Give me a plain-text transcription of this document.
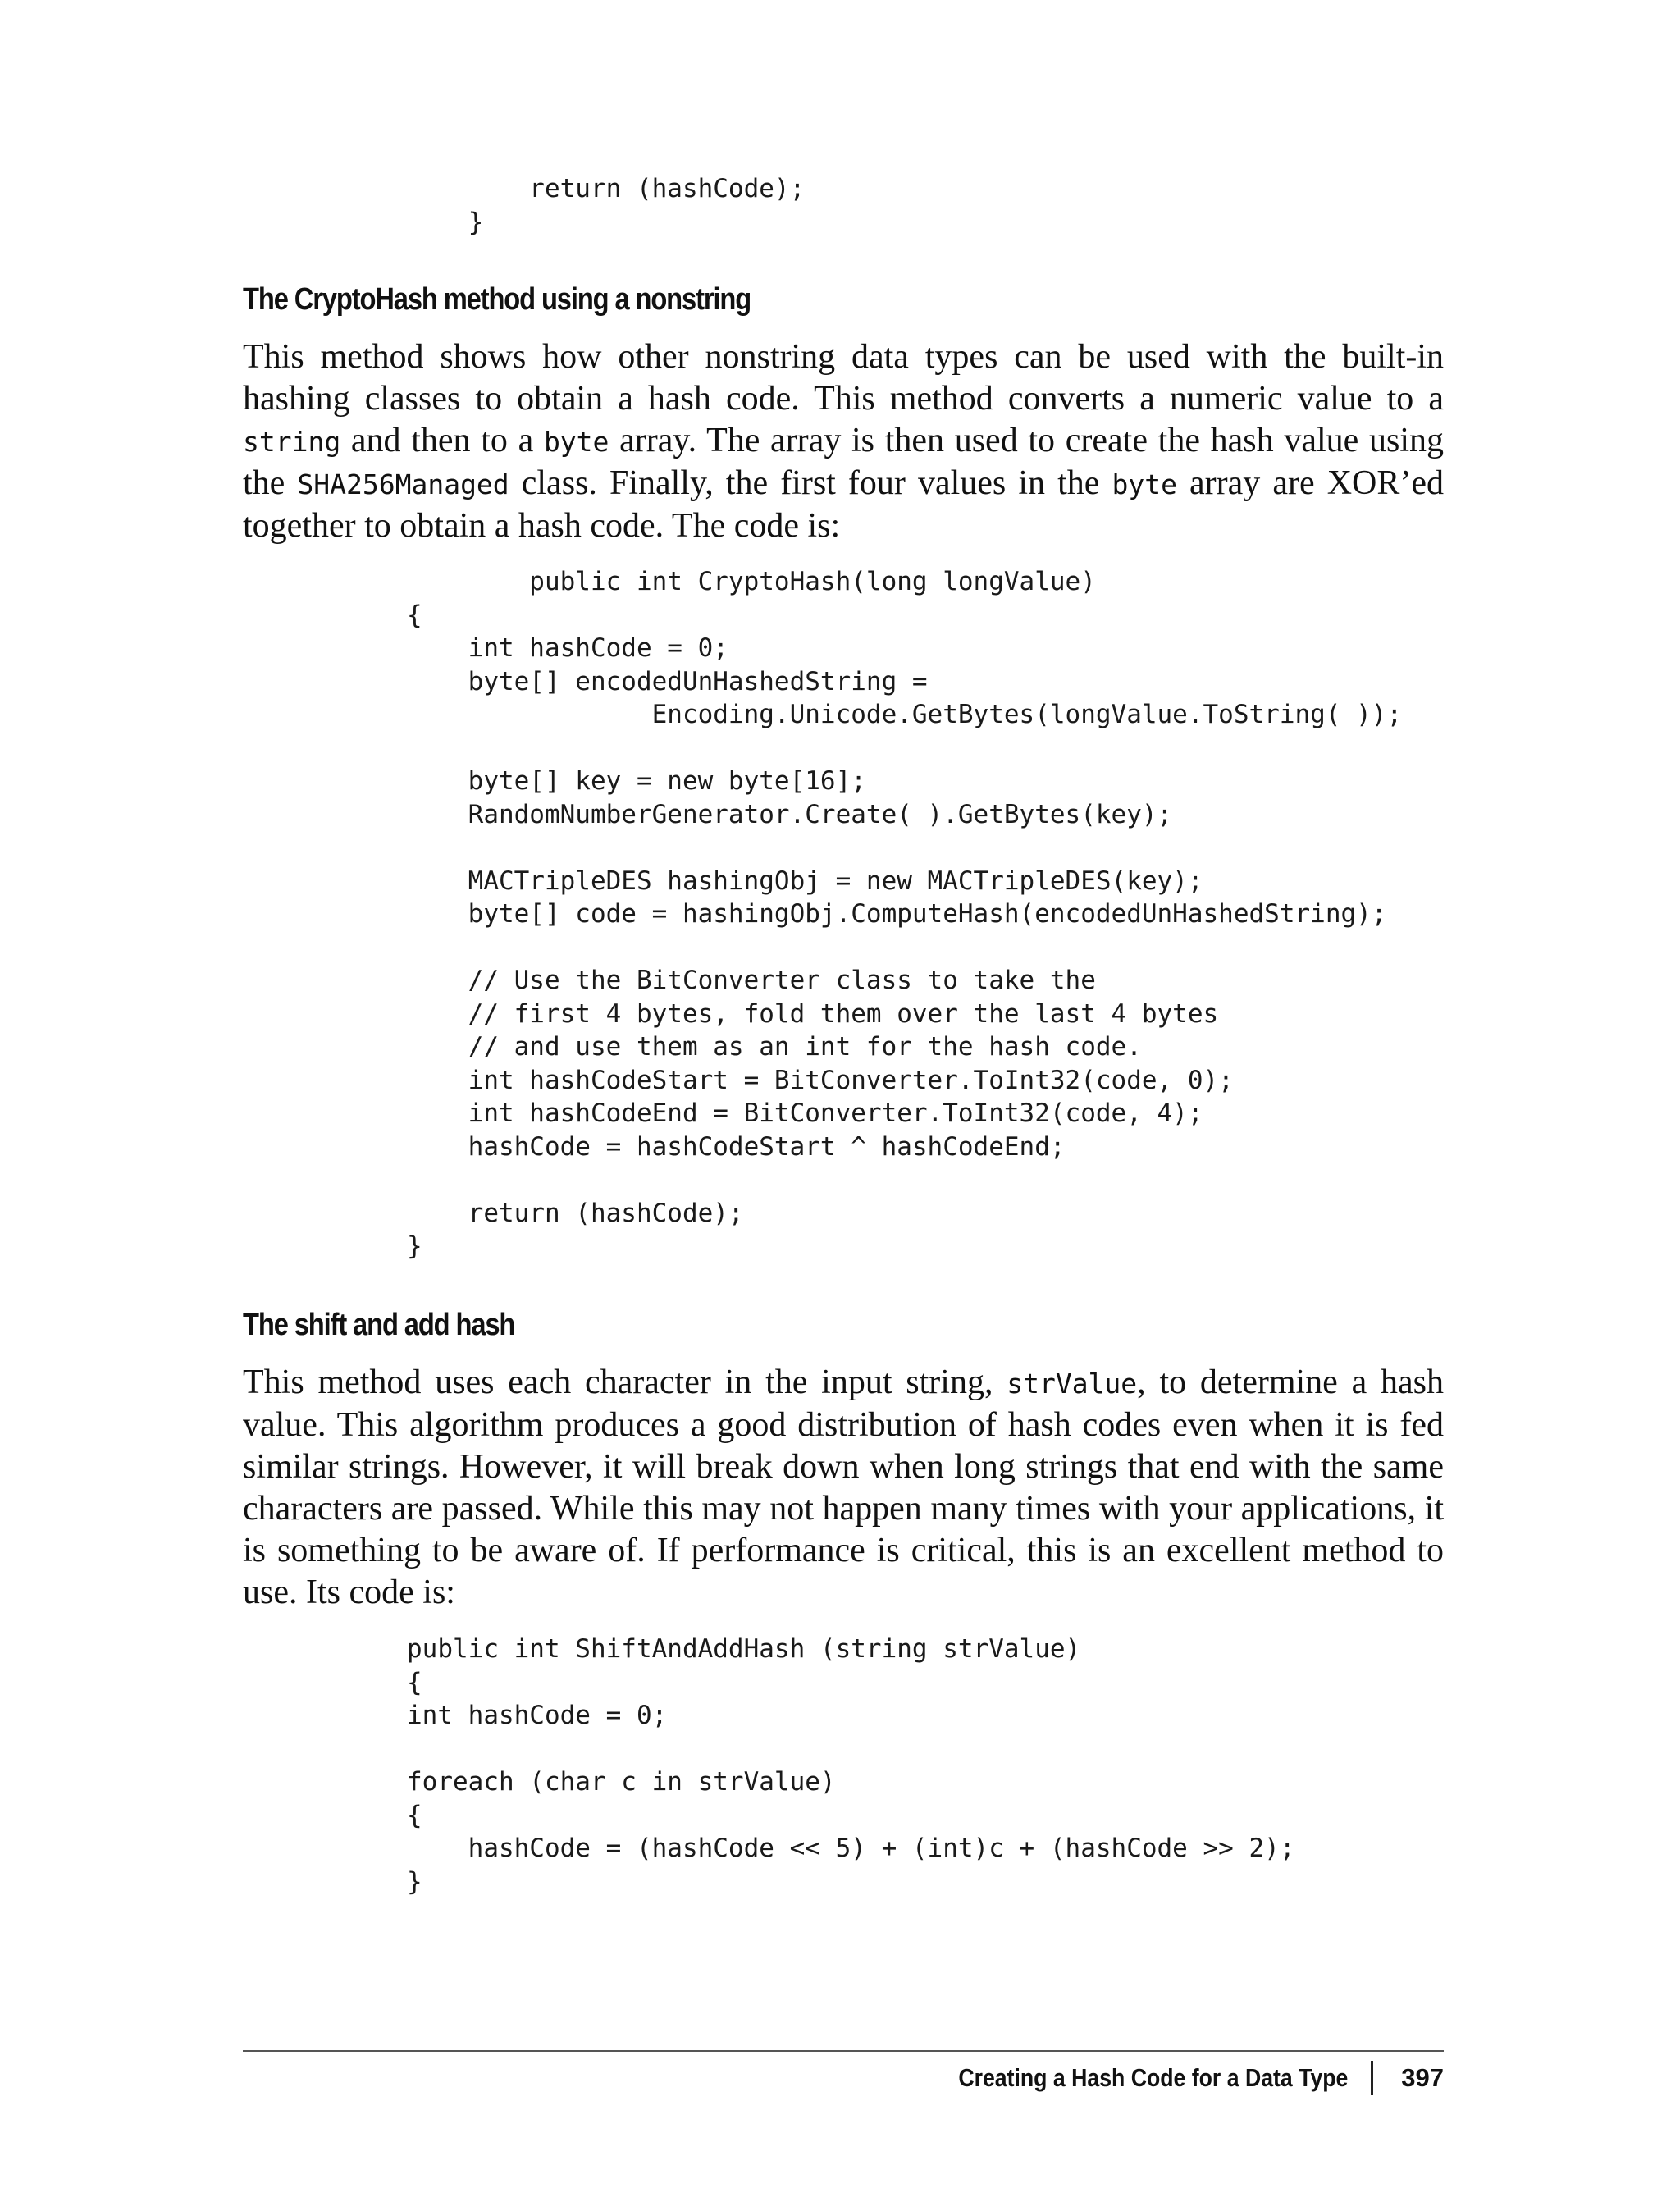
return (hashCode);
}
The CryptoHash method using a nonstring

This method shows how other nonstring data types can be used with the built-in hashing classes to obtain a hash code. This method converts a numeric value to a string and then to a byte array. The array is then used to create the hash value using the SHA256Managed class. Finally, the first four values in the byte array are XOR’ed together to obtain a hash code. The code is:

public int CryptoHash(long longValue)
{
int hashCode = 0;
byte[] encodedUnHashedString =
Encoding.Unicode.GetBytes(longValue.ToString( ));

byte[] key = new byte[16];
RandomNumberGenerator.Create( ).GetBytes(key);

MACTripleDES hashingObj = new MACTripleDES(key);
byte[] code = hashingObj.ComputeHash(encodedUnHashedString);

// Use the BitConverter class to take the
// first 4 bytes, fold them over the last 4 bytes
// and use them as an int for the hash code.
int hashCodeStart = BitConverter.ToInt32(code, 0);
int hashCodeEnd = BitConverter.ToInt32(code, 4);
hashCode = hashCodeStart ^ hashCodeEnd;

return (hashCode);
}
The shift and add hash

This method uses each character in the input string, strValue, to determine a hash value. This algorithm produces a good distribution of hash codes even when it is fed similar strings. However, it will break down when long strings that end with the same characters are passed. While this may not happen many times with your applications, it is something to be aware of. If performance is critical, this is an excellent method to use. Its code is:

public int ShiftAndAddHash (string strValue)
{
int hashCode = 0;

foreach (char c in strValue)
{
hashCode = (hashCode << 5) + (int)c + (hashCode >> 2);
}
Creating a Hash Code for a Data Type 397
